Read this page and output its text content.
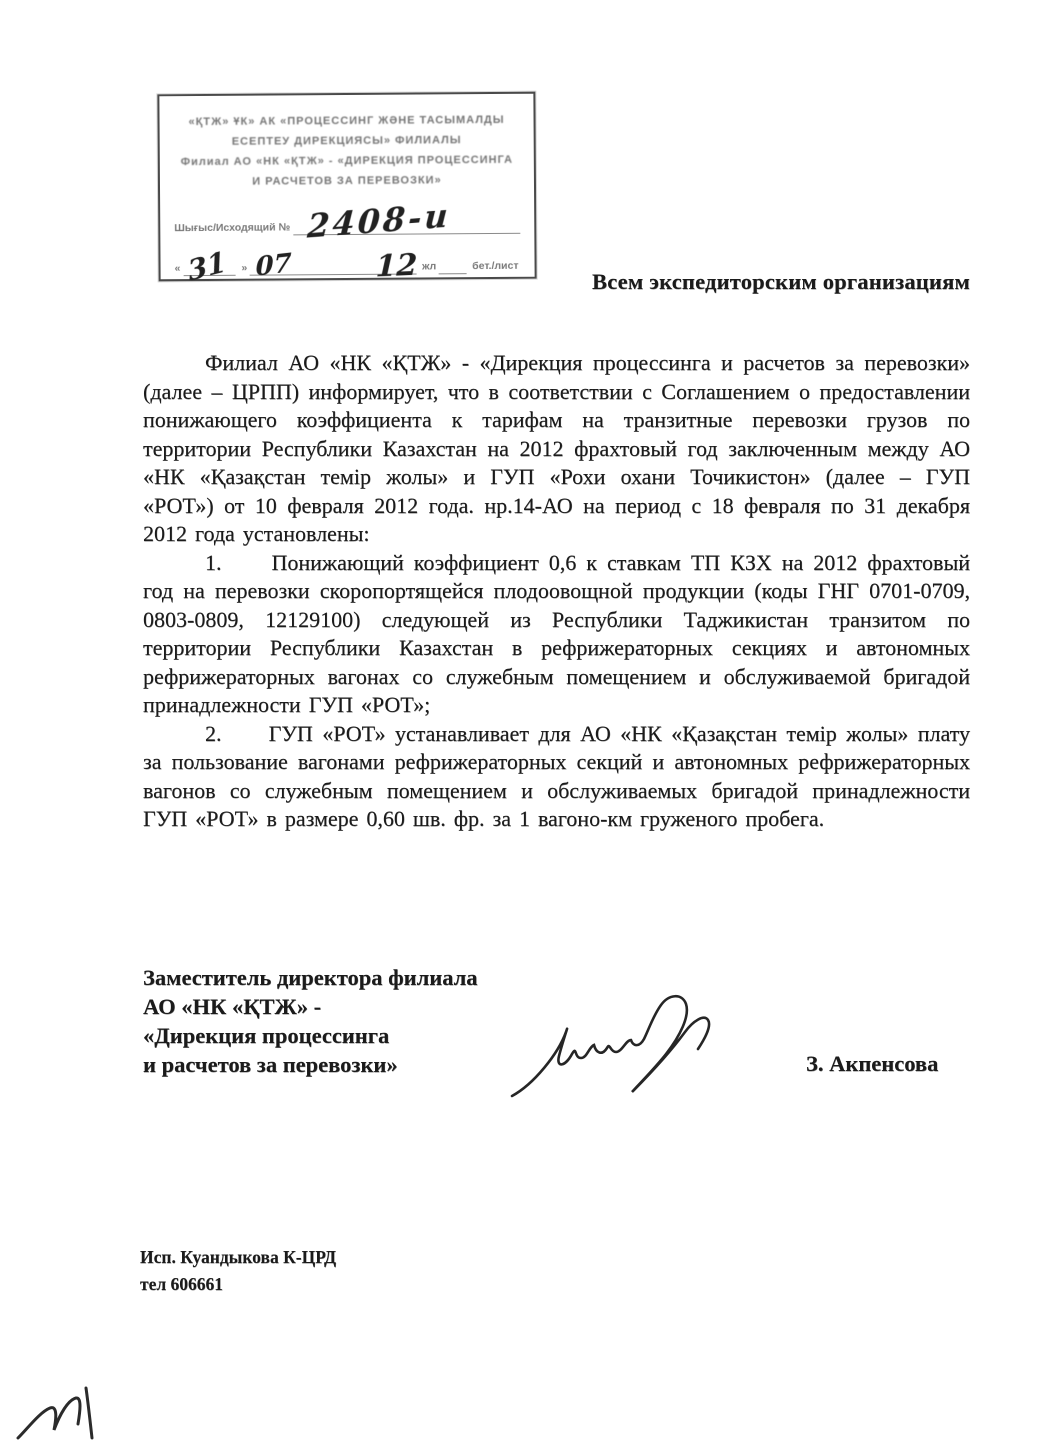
«ҚТЖ» ҰК» АК «ПРОЦЕССИНГ ЖӘНЕ ТАСЫМАЛДЫ
ЕСЕПТЕУ ДИРЕКЦИЯСЫ» ФИЛИАЛЫ
Филиал АО «НК «ҚТЖ» - «ДИРЕКЦИЯ ПРОЦЕССИНГА
И РАСЧЕТОВ ЗА ПЕРЕВОЗКИ»
Шығыс/Исходящий № 2408-и
« 31	» 07	12 жл	бет./лист
Всем экспедиторским организациям

Филиал АО «НК «ҚТЖ» - «Дирекция процессинга и расчетов за перевозки» (далее – ЦРПП) информирует, что в соответствии с Соглашением о предоставлении понижающего коэффициента к тарифам на транзитные перевозки грузов по территории Республики Казахстан на 2012 фрахтовый год заключенным между АО «НК «Қазақстан темір жолы» и ГУП «Рохи охани Точикистон» (далее – ГУП «РОТ») от 10 февраля 2012 года. нр.14-АО на период с 18 февраля по 31 декабря 2012 года установлены:

1.     Понижающий коэффициент 0,6 к ставкам ТП КЗХ на 2012 фрахтовый год на перевозки скоропортящейся плодоовощной продукции (коды ГНГ 0701-0709, 0803-0809, 12129100) следующей из Республики Таджикистан транзитом по территории Республики Казахстан в рефрижераторных секциях и автономных рефрижераторных вагонах со служебным помещением и обслуживаемой бригадой принадлежности ГУП «РОТ»;

2.     ГУП «РОТ» устанавливает для АО «НК «Қазақстан темір жолы» плату за пользование вагонами рефрижераторных секций и автономных рефрижераторных вагонов со служебным помещением и обслуживаемых бригадой принадлежности ГУП «РОТ» в размере 0,60 шв. фр. за 1 вагоно-км груженого пробега.

Заместитель директора филиала
АО «НК «ҚТЖ» -
«Дирекция процессинга
и расчетов за перевозки»	З. Акпенсова
Исп. Куандыкова К-ЦРД
тел 606661
